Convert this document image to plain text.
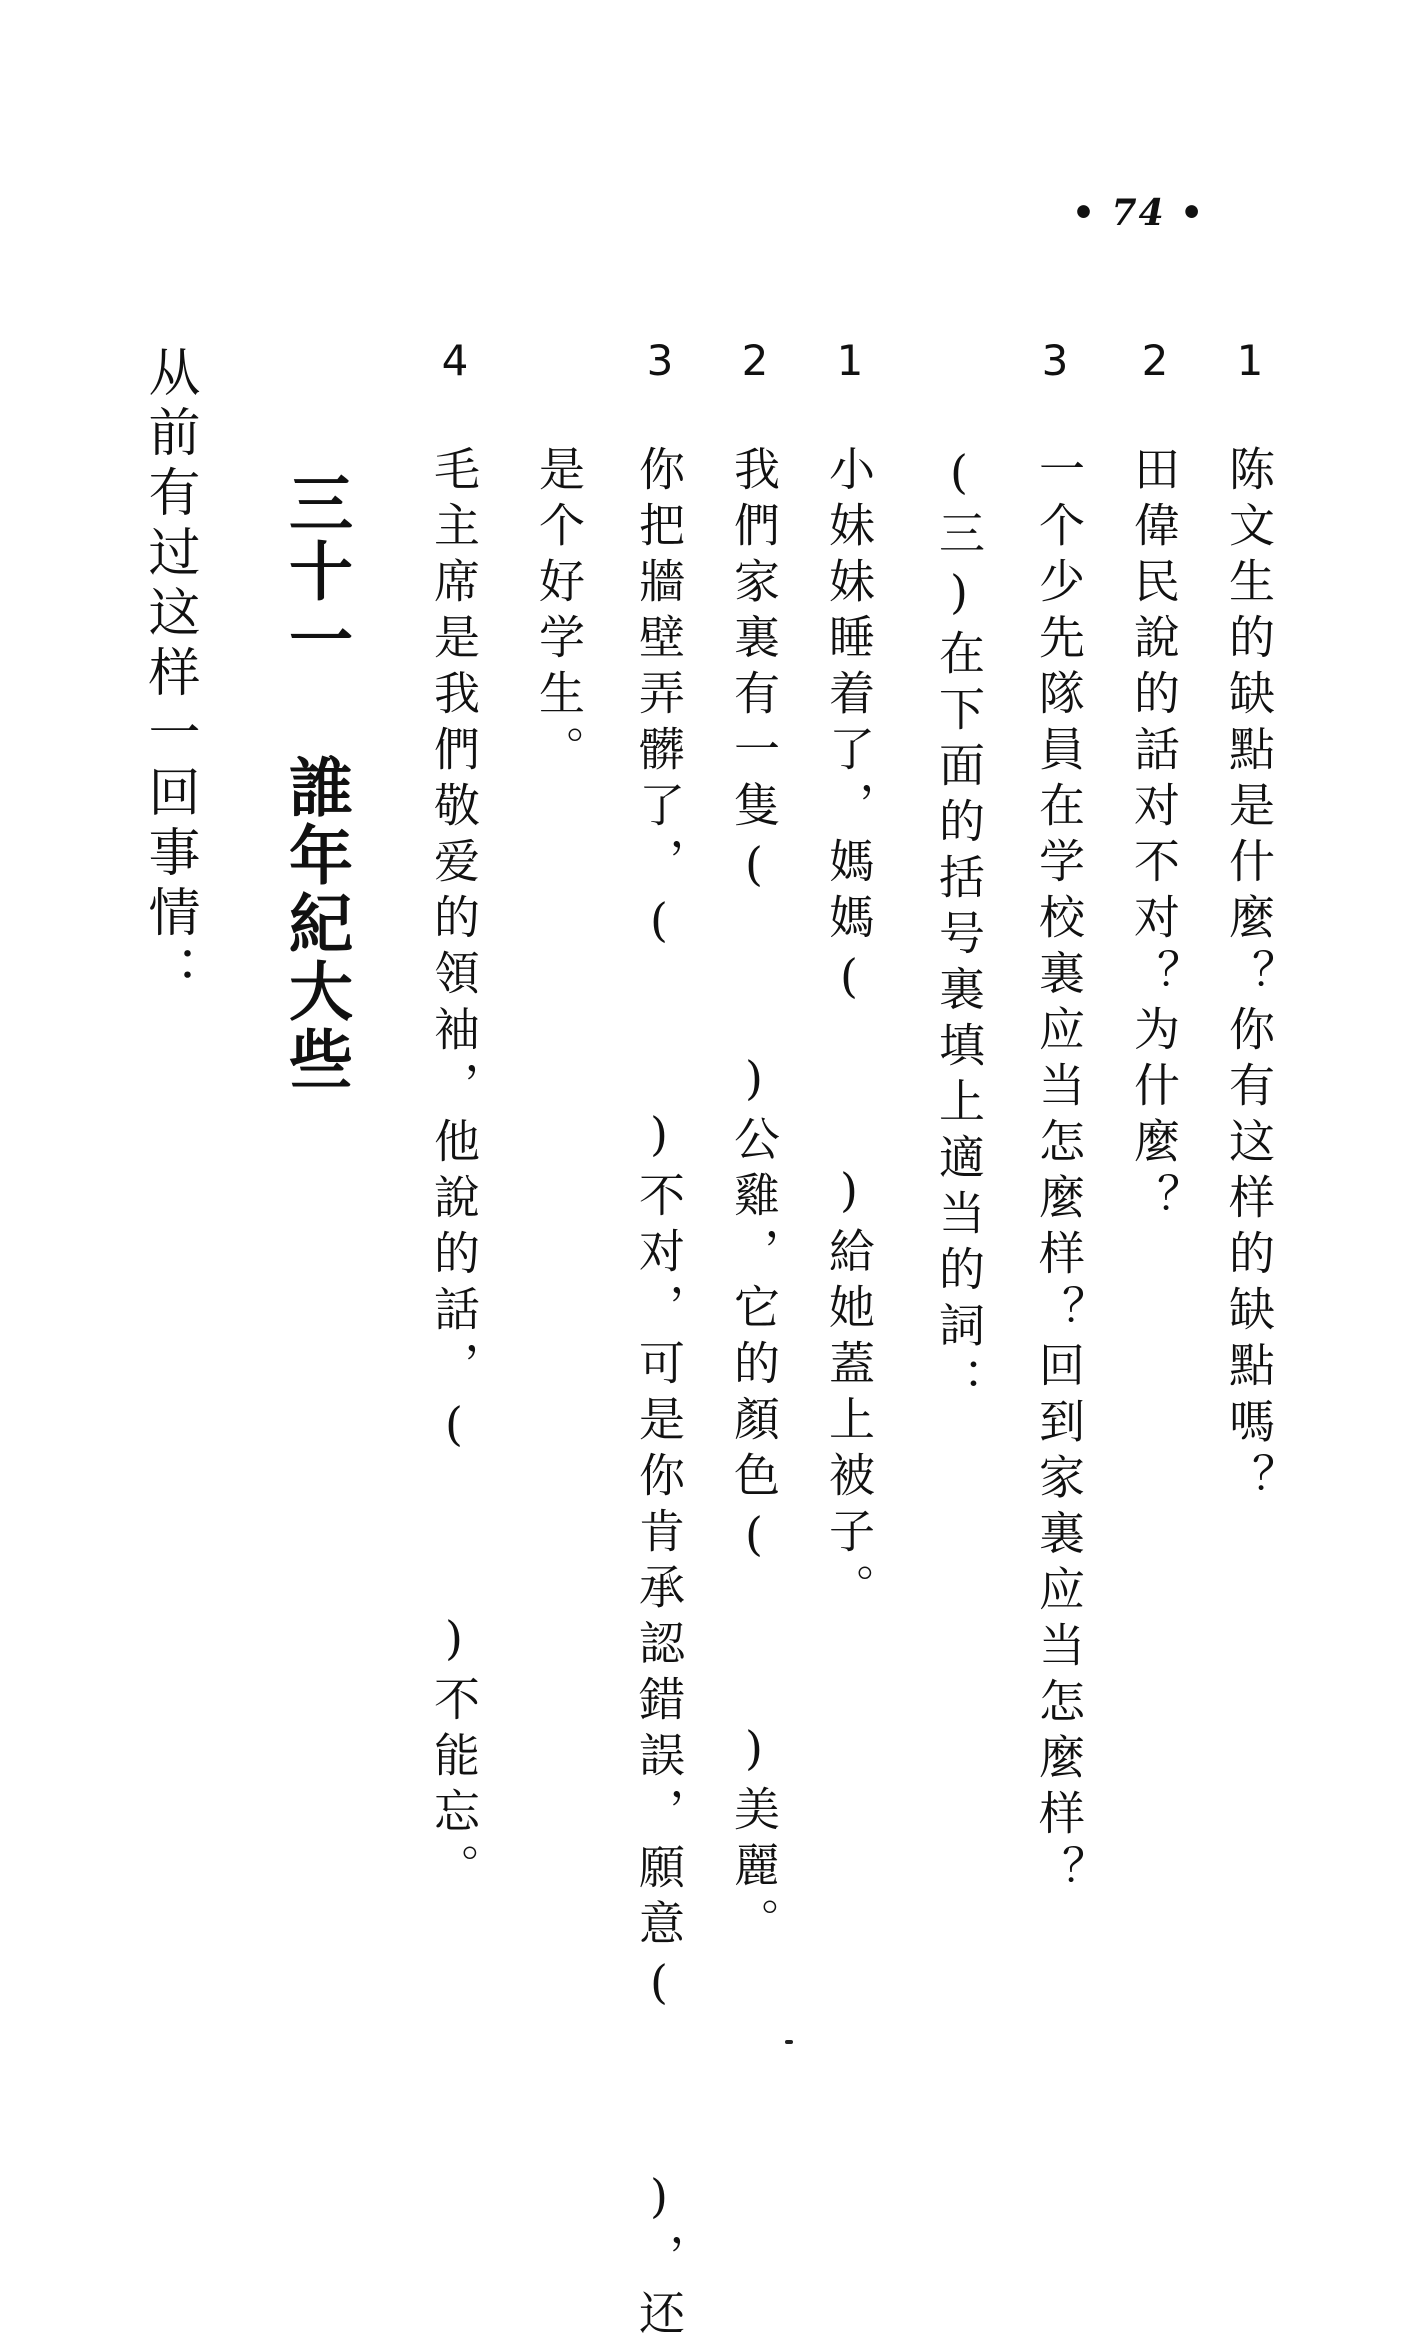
• 74 •
1
2
3
陈文生的缺點是什麼？你有这样的缺點嗎？
田偉民說的話对不对？为什麼？
一个少先隊員在学校裏应当怎麼样？回到家裏应当怎麼样？
(三)在下面的括号裏填上適当的詞：
1
2
3
4
小妹妹睡着了，媽媽()給她蓋上被子。
我們家裏有一隻()公雞，它的顏色()美麗。
你把牆壁弄髒了，()不对，可是你肯承認錯誤，願意()，还
是个好学生。
毛主席是我們敬爱的領袖，他說的話，()不能忘。
三十一誰年紀大些
从前有过这样一回事情：
